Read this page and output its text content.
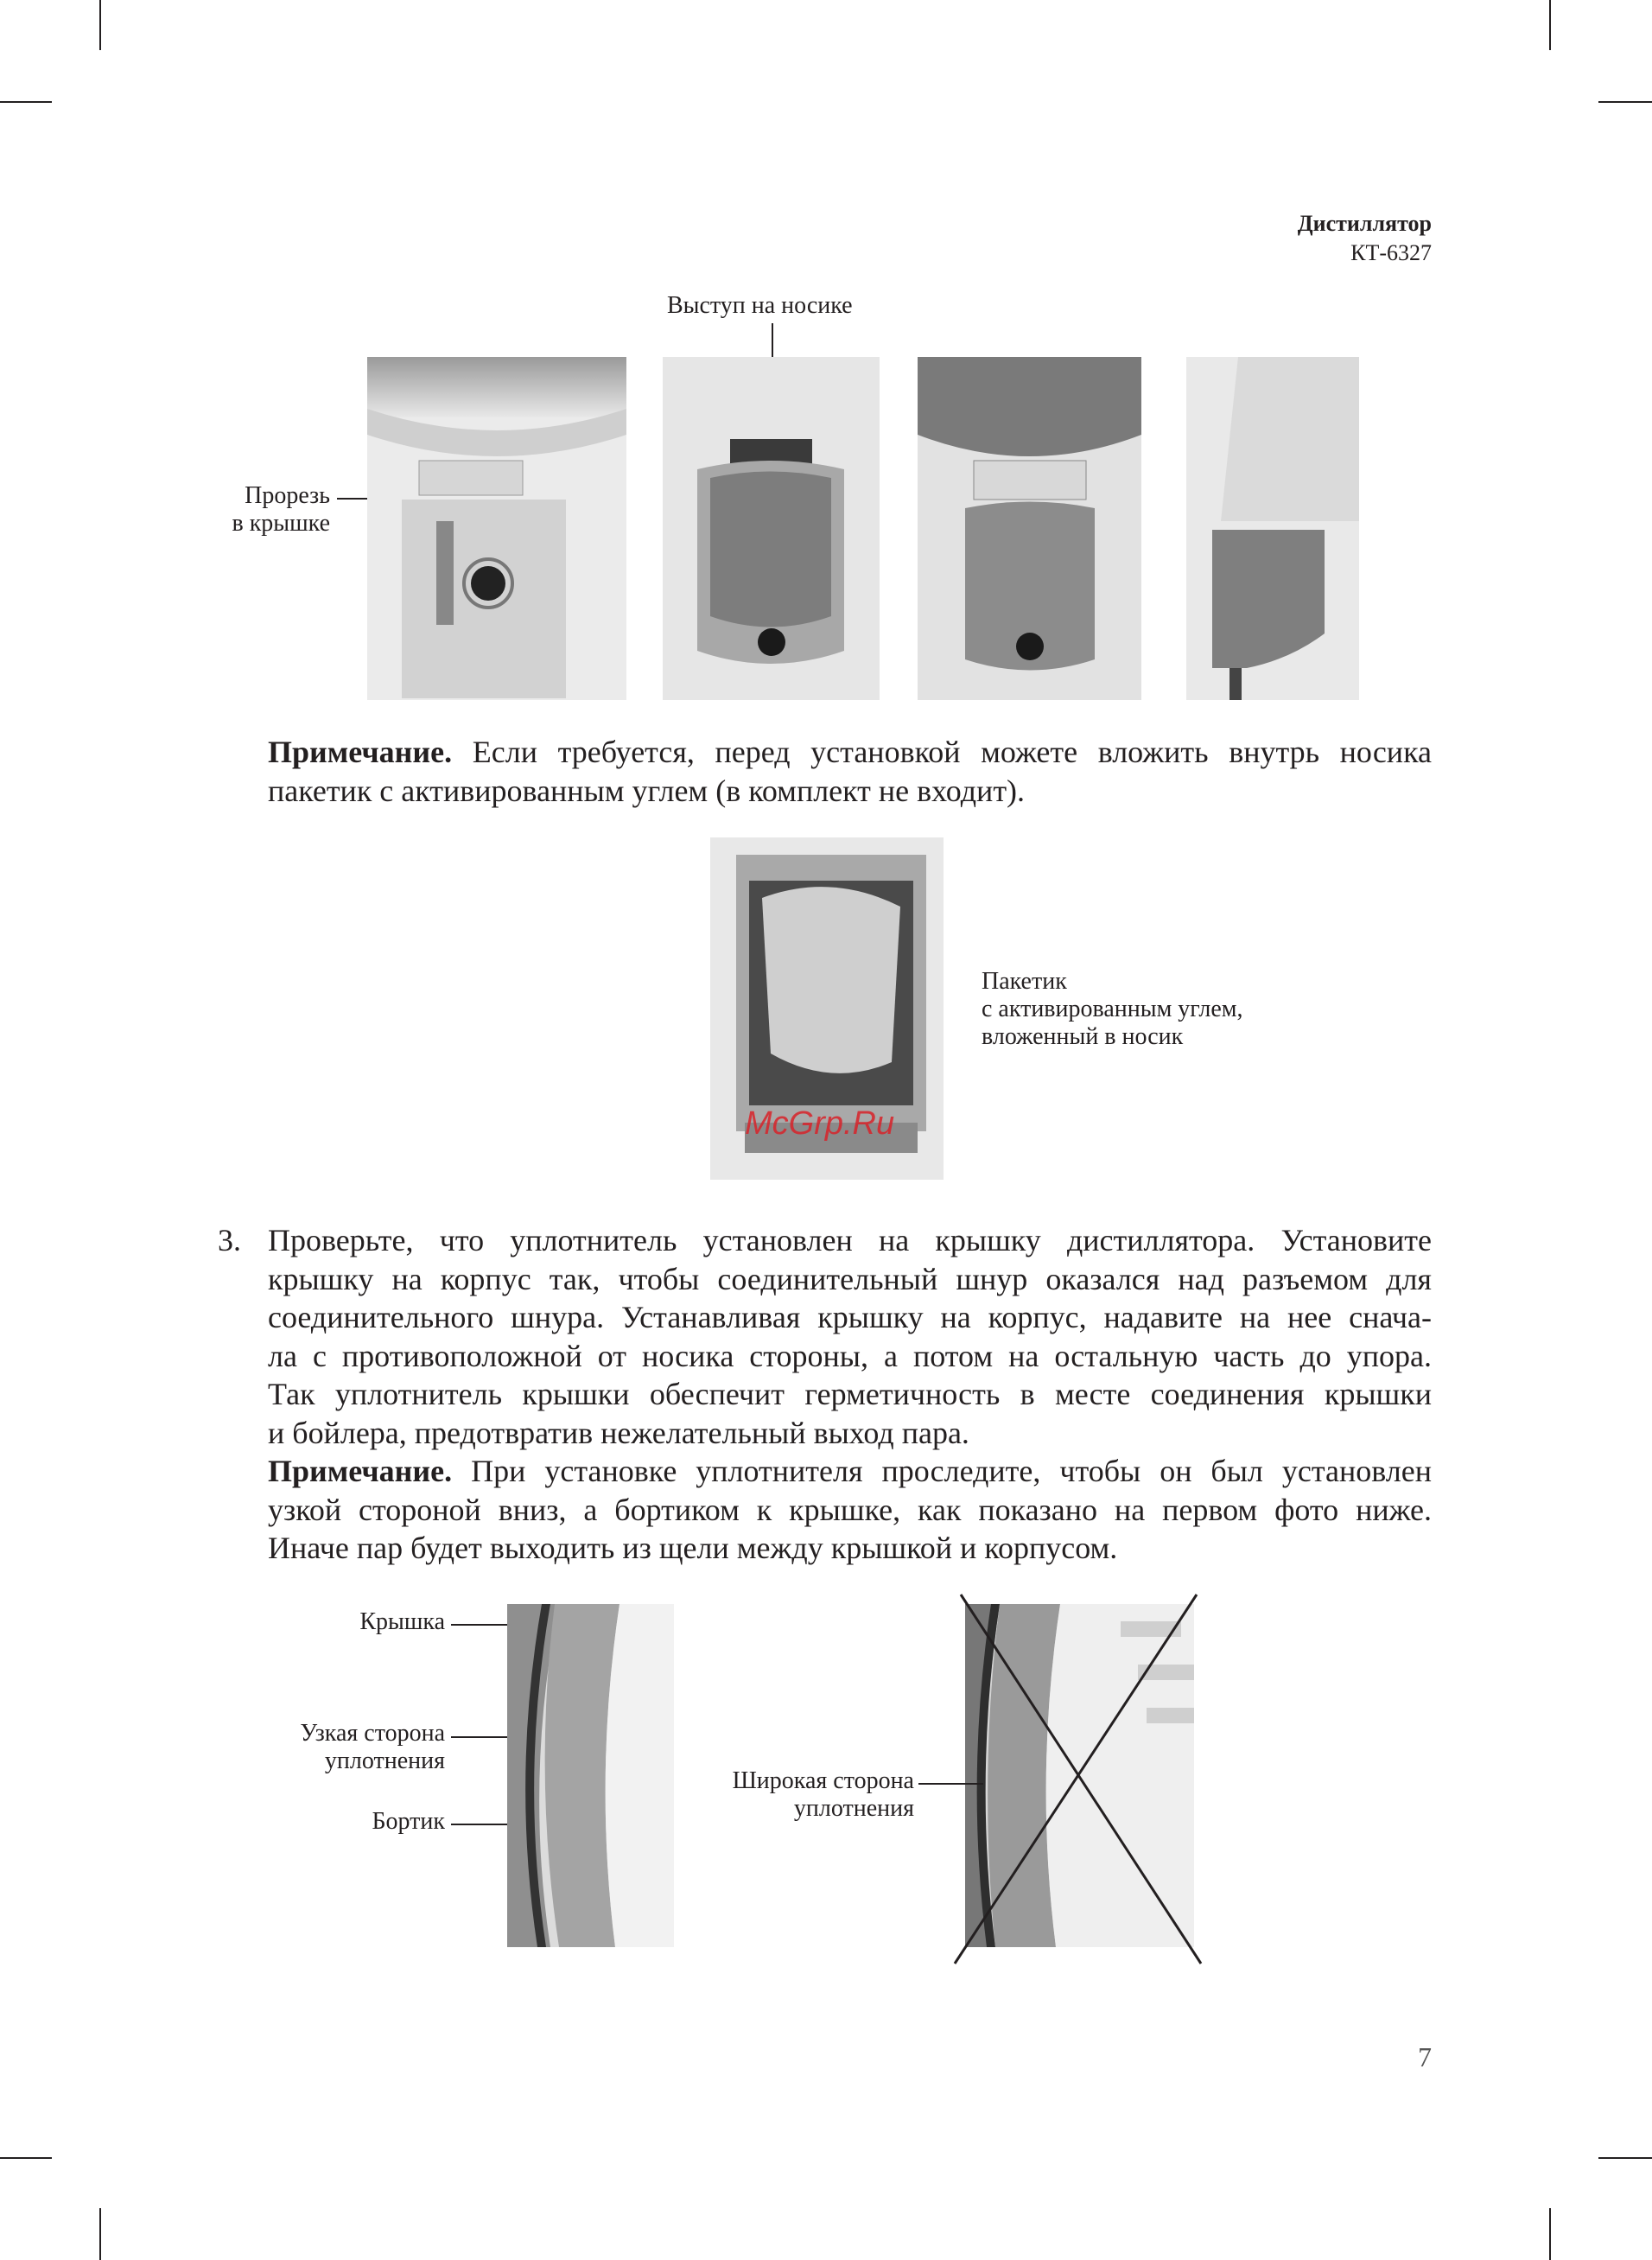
Дистиллятор
КТ-6327
Выступ на носике
Прорезь
в крышке
Примечание. Если требуется, перед установкой можете вложить внутрь носика пакетик с активированным углем (в комплект не входит).
McGrp.Ru
Пакетик
с активированным углем,
вложенный в носик
3. Проверьте, что уплотнитель установлен на крышку дистиллятора. Установите
крышку на корпус так, чтобы соединительный шнур оказался над разъемом для
соединительного шнура. Устанавливая крышку на корпус, надавите на нее снача-
ла с противоположной от носика стороны, а потом на остальную часть до упора.
Так уплотнитель крышки обеспечит герметичность в месте соединения крышки
и бойлера, предотвратив нежелательный выход пара.
Примечание. При установке уплотнителя проследите, чтобы он был установлен
узкой стороной вниз, а бортиком к крышке, как показано на первом фото ниже.
Иначе пар будет выходить из щели между крышкой и корпусом.
Крышка
Узкая сторона
уплотнения
Бортик
Широкая сторона
уплотнения
7
